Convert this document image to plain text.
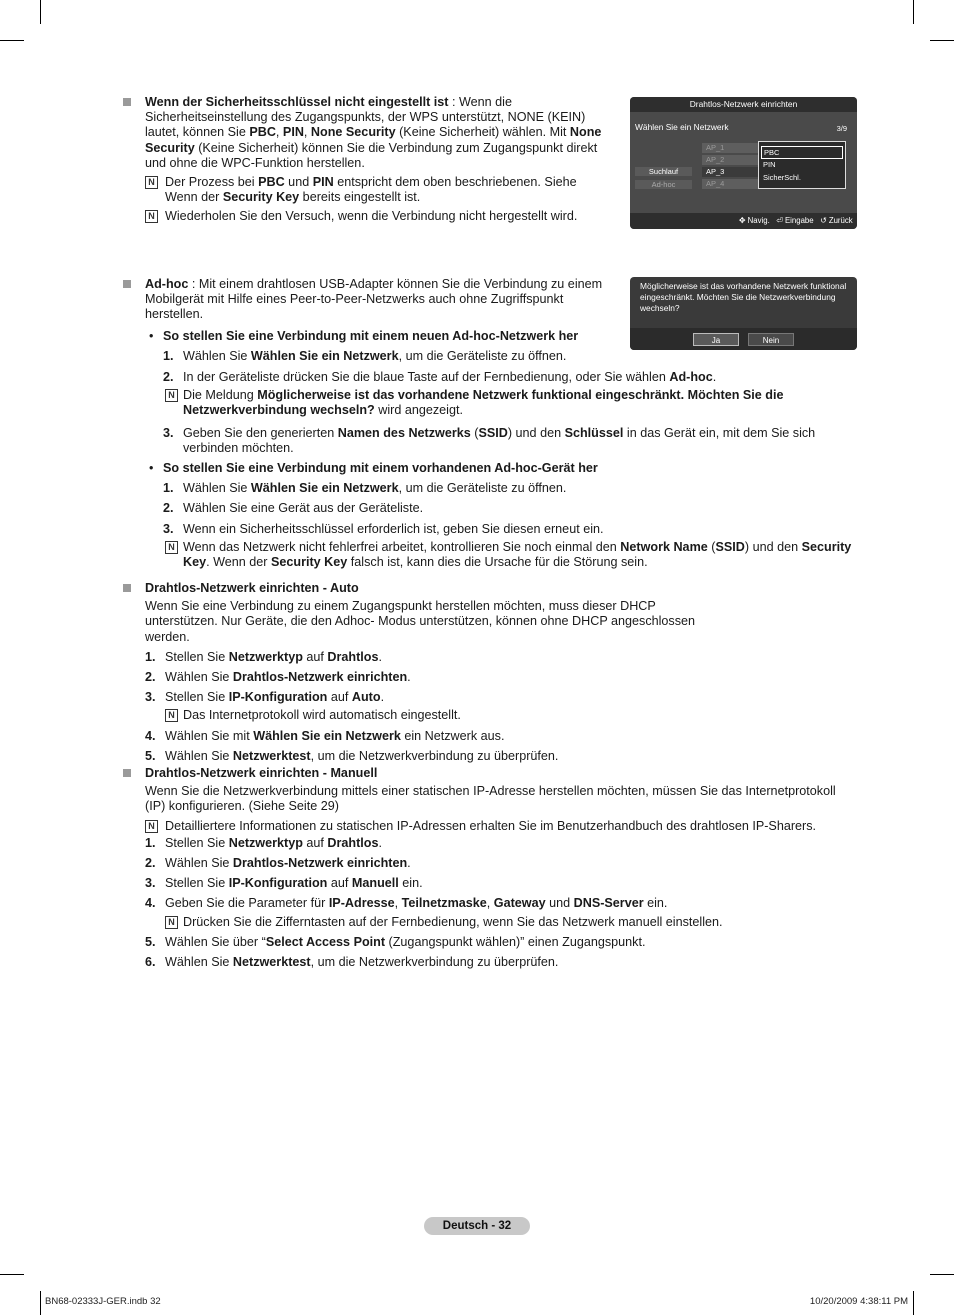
Wenn der Sicherheitsschlüssel nicht eingestellt ist : Wenn die Sicherheitseinstellung des Zugangspunkts, der WPS unterstützt, NONE (KEIN) lautet, können Sie PBC, PIN, None Security (Keine Sicherheit) wählen. Mit None Security (Keine Sicherheit) können Sie die Verbindung zum Zugangspunkt direkt und ohne die WPC-Funktion herstellen.

N Der Prozess bei PBC und PIN entspricht dem oben beschriebenen. Siehe Wenn der Security Key bereits eingestellt ist.
N Wiederholen Sie den Versuch, wenn die Verbindung nicht hergestellt wird.
Drahtlos-Netzwerk einrichten
Wählen Sie ein Netzwerk	3/9
AP_1
AP_2
AP_3
AP_4
Suchlauf
Ad-hoc
PBC
PIN
SicherSchl.
✥ Navig. ⏎ Eingabe ↺ Zurück

Ad-hoc : Mit einem drahtlosen USB-Adapter können Sie die Verbindung zu einem Mobilgerät mit Hilfe eines Peer-to-Peer-Netzwerks auch ohne Zugriffspunkt herstellen.

• So stellen Sie eine Verbindung mit einem neuen Ad-hoc-Netzwerk her
1. Wählen Sie Wählen Sie ein Netzwerk, um die Geräteliste zu öffnen.
2. In der Geräteliste drücken Sie die blaue Taste auf der Fernbedienung, oder Sie wählen Ad-hoc.
N Die Meldung Möglicherweise ist das vorhandene Netzwerk funktional eingeschränkt. Möchten Sie die Netzwerkverbindung wechseln? wird angezeigt.
3. Geben Sie den generierten Namen des Netzwerks (SSID) und den Schlüssel in das Gerät ein, mit dem Sie sich verbinden möchten.
• So stellen Sie eine Verbindung mit einem vorhandenen Ad-hoc-Gerät her
1. Wählen Sie Wählen Sie ein Netzwerk, um die Geräteliste zu öffnen.
2. Wählen Sie eine Gerät aus der Geräteliste.
3. Wenn ein Sicherheitsschlüssel erforderlich ist, geben Sie diesen erneut ein.
N Wenn das Netzwerk nicht fehlerfrei arbeitet, kontrollieren Sie noch einmal den Network Name (SSID) und den Security Key. Wenn der Security Key falsch ist, kann dies die Ursache für die Störung sein.
Möglicherweise ist das vorhandene Netzwerk funktional eingeschränkt. Möchten Sie die Netzwerkverbindung wechseln?
Ja	Nein

Drahtlos-Netzwerk einrichten - Auto

Wenn Sie eine Verbindung zu einem Zugangspunkt herstellen möchten, muss dieser DHCP unterstützen. Nur Geräte, die den Adhoc- Modus unterstützen, können ohne DHCP angeschlossen werden.

1. Stellen Sie Netzwerktyp auf Drahtlos.
2. Wählen Sie Drahtlos-Netzwerk einrichten.
3. Stellen Sie IP-Konfiguration auf Auto.
N Das Internetprotokoll wird automatisch eingestellt.
4. Wählen Sie mit Wählen Sie ein Netzwerk ein Netzwerk aus.
5. Wählen Sie Netzwerktest, um die Netzwerkverbindung zu überprüfen.

Drahtlos-Netzwerk einrichten - Manuell

Wenn Sie die Netzwerkverbindung mittels einer statischen IP-Adresse herstellen möchten, müssen Sie das Internetprotokoll (IP) konfigurieren. (Siehe Seite 29)

N Detailliertere Informationen zu statischen IP-Adressen erhalten Sie im Benutzerhandbuch des drahtlosen IP-Sharers.
1. Stellen Sie Netzwerktyp auf Drahtlos.
2. Wählen Sie Drahtlos-Netzwerk einrichten.
3. Stellen Sie IP-Konfiguration auf Manuell ein.
4. Geben Sie die Parameter für IP-Adresse, Teilnetzmaske, Gateway und DNS-Server ein.
N Drücken Sie die Zifferntasten auf der Fernbedienung, wenn Sie das Netzwerk manuell einstellen.
5. Wählen Sie über “Select Access Point (Zugangspunkt wählen)” einen Zugangspunkt.
6. Wählen Sie Netzwerktest, um die Netzwerkverbindung zu überprüfen.
Deutsch - 32
BN68-02333J-GER.indb 32	10/20/2009 4:38:11 PM
